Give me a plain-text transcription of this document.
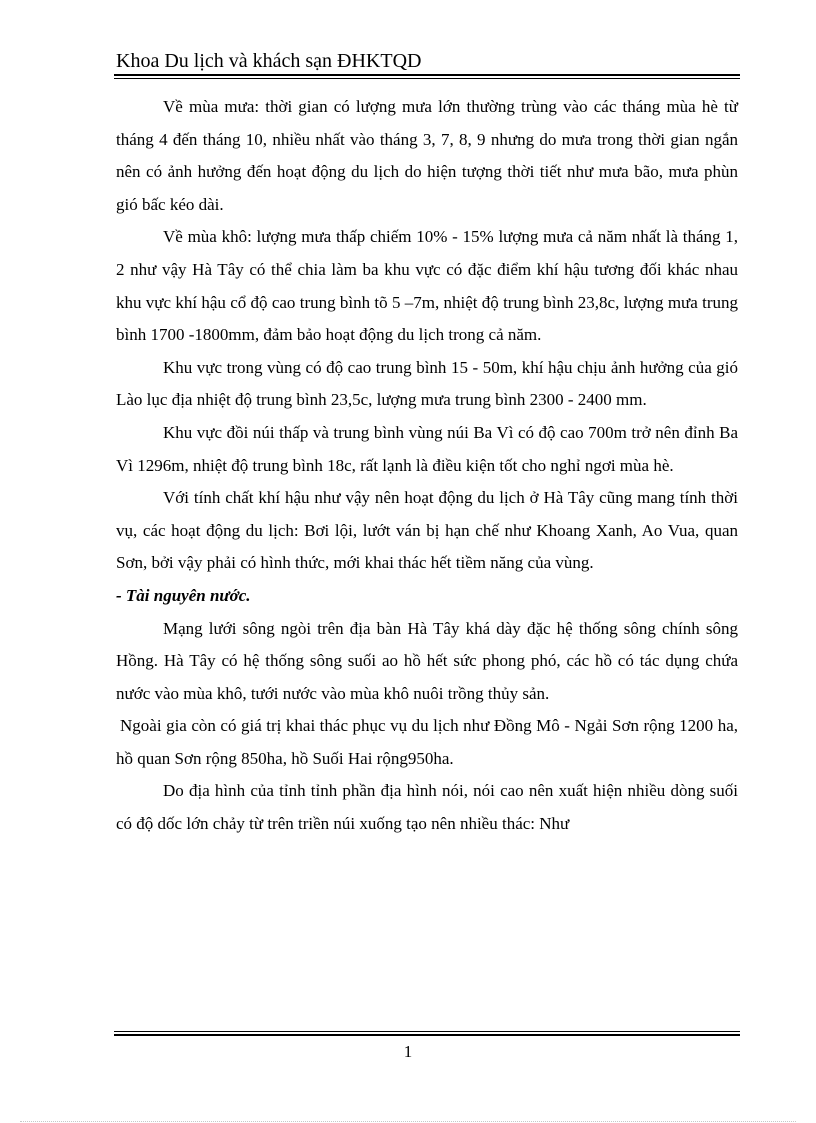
Khoa Du lịch và khách sạn ĐHKTQD

Về mùa mưa: thời gian có lượng mưa lớn thường trùng vào các tháng mùa hè từ tháng 4 đến tháng 10, nhiều nhất vào tháng 3, 7, 8, 9 nhưng do mưa trong thời gian ngắn nên có ảnh hưởng đến hoạt động du lịch do hiện tượng thời tiết như mưa bão, mưa phùn gió bấc kéo dài.

Về mùa khô: lượng mưa thấp chiếm 10% - 15% lượng mưa cả năm nhất là tháng 1, 2 như vậy Hà Tây có thể chia làm ba khu vực có đặc điểm khí hậu tương đối khác nhau khu vực khí hậu cổ độ cao trung bình tõ 5 –7m, nhiệt độ trung bình 23,8c, lượng mưa trung bình 1700 -1800mm, đảm bảo hoạt động du lịch trong cả năm.

Khu vực trong vùng có độ cao trung bình 15 - 50m, khí hậu chịu ảnh hưởng của gió Lào lục địa nhiệt độ trung bình 23,5c, lượng mưa trung bình 2300 - 2400 mm.

Khu vực đồi núi thấp và trung bình vùng núi Ba Vì có độ cao 700m trở nên đỉnh Ba Vì 1296m, nhiệt độ trung bình 18c, rất lạnh là điều kiện tốt cho nghỉ ngơi mùa hè.

Với tính chất khí hậu như vậy nên hoạt động du lịch ở Hà Tây cũng mang tính thời vụ, các hoạt động du lịch: Bơi lội, lướt ván bị hạn chế như Khoang Xanh, Ao Vua, quan Sơn, bởi vậy phải có hình thức, mới khai thác hết tiềm năng của vùng.

- Tài nguyên nước.

Mạng lưới sông ngòi trên địa bàn Hà Tây khá dày đặc hệ thống sông chính sông Hồng. Hà Tây có hệ thống sông suối ao hồ hết sức phong phó, các hồ có tác dụng chứa nước vào mùa khô, tưới nước vào mùa khô nuôi trồng thủy sản.

Ngoài gia còn có giá trị khai thác phục vụ du lịch như Đồng Mô - Ngải Sơn rộng 1200 ha, hồ quan Sơn rộng 850ha, hồ Suối Hai rộng950ha.

Do địa hình của tỉnh tỉnh phần địa hình nói, nói cao nên xuất hiện nhiều dòng suối có độ dốc lớn chảy từ trên triền núi xuống tạo nên nhiều thác: Như

1
